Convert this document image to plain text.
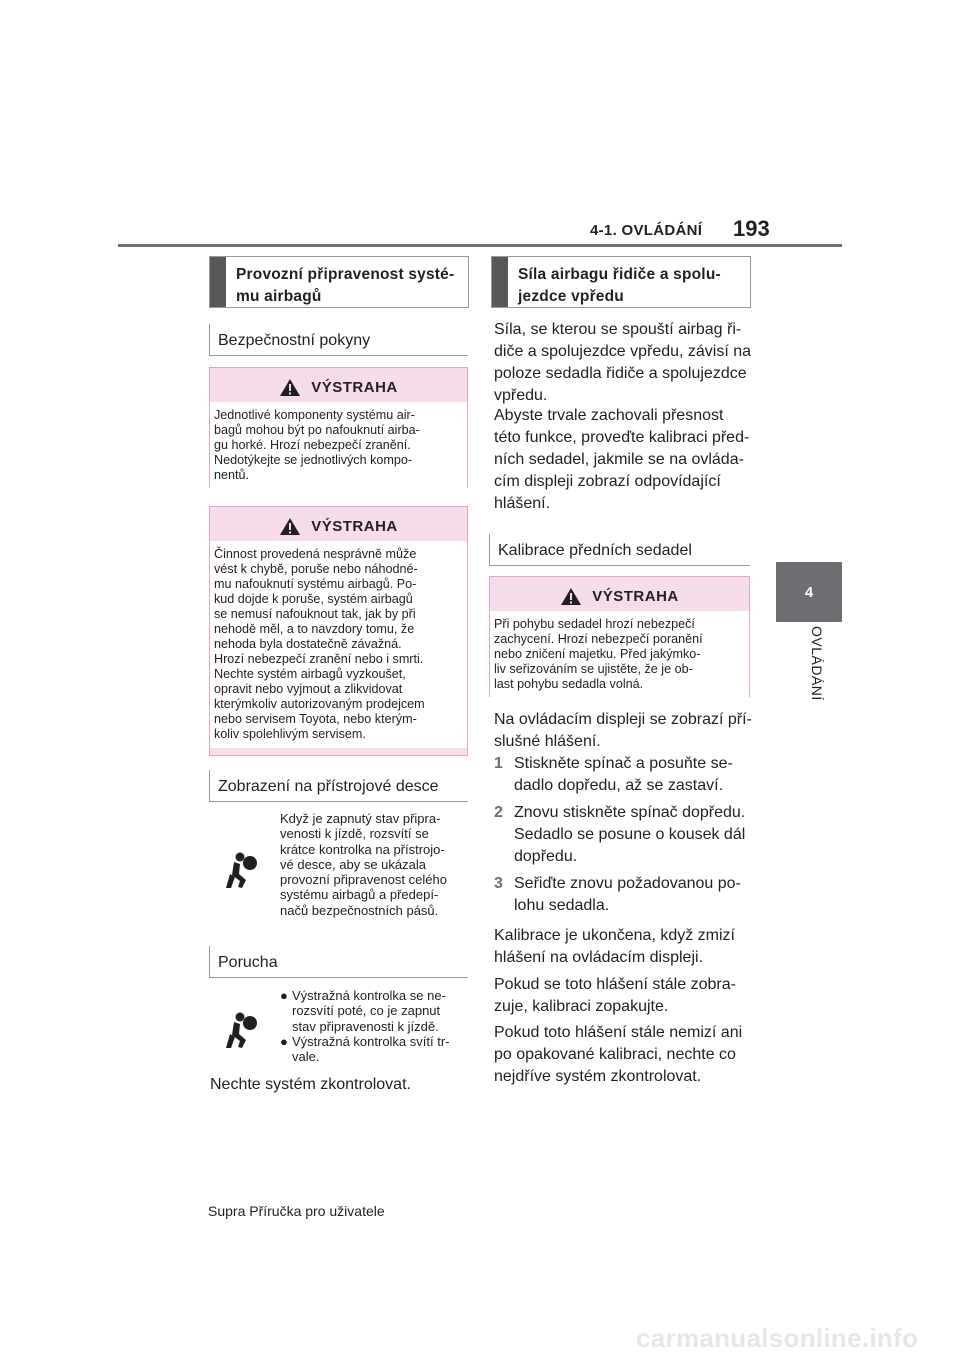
4-1. OVLÁDÁNÍ 193
4
OVLÁDÁNÍ
Provozní připravenost systé-
mu airbagů
Bezpečnostní pokyny
VÝSTRAHA
Jednotlivé komponenty systému air-
bagů mohou být po nafouknutí airba-
gu horké. Hrozí nebezpečí zranění.
Nedotýkejte se jednotlivých kompo-
nentů.
VÝSTRAHA
Činnost provedená nesprávně může
vést k chybě, poruše nebo náhodné-
mu nafouknutí systému airbagů. Po-
kud dojde k poruše, systém airbagů
se nemusí nafouknout tak, jak by při
nehodě měl, a to navzdory tomu, že
nehoda byla dostatečně závažná.
Hrozí nebezpečí zranění nebo i smrti.
Nechte systém airbagů vyzkoušet,
opravit nebo vyjmout a zlikvidovat
kterýmkoliv autorizovaným prodejcem
nebo servisem Toyota, nebo kterým-
koliv spolehlivým servisem.
Zobrazení na přístrojové desce
Když je zapnutý stav připra-
venosti k jízdě, rozsvítí se
krátce kontrolka na přístrojo-
vé desce, aby se ukázala
provozní připravenost celého
systému airbagů a předepí-
načů bezpečnostních pásů.
Porucha
● Výstražná kontrolka se ne-
rozsvítí poté, co je zapnut
stav připravenosti k jízdě.
● Výstražná kontrolka svítí tr-
vale.
Nechte systém zkontrolovat.
Síla airbagu řidiče a spolu-
jezdce vpředu
Síla, se kterou se spouští airbag ři-
diče a spolujezdce vpředu, závisí na
poloze sedadla řidiče a spolujezdce
vpředu.
Abyste trvale zachovali přesnost
této funkce, proveďte kalibraci před-
ních sedadel, jakmile se na ovláda-
cím displeji zobrazí odpovídající
hlášení.
Kalibrace předních sedadel
VÝSTRAHA
Při pohybu sedadel hrozí nebezpečí
zachycení. Hrozí nebezpečí poranění
nebo zničení majetku. Před jakýmko-
liv seřizováním se ujistěte, že je ob-
last pohybu sedadla volná.
Na ovládacím displeji se zobrazí pří-
slušné hlášení.
1 Stiskněte spínač a posuňte se-
dadlo dopředu, až se zastaví.
2 Znovu stiskněte spínač dopředu.
Sedadlo se posune o kousek dál
dopředu.
3 Seřiďte znovu požadovanou po-
lohu sedadla.
Kalibrace je ukončena, když zmizí
hlášení na ovládacím displeji.
Pokud se toto hlášení stále zobra-
zuje, kalibraci zopakujte.
Pokud toto hlášení stále nemizí ani
po opakované kalibraci, nechte co
nejdříve systém zkontrolovat.
Supra Příručka pro uživatele
carmanualsonline.info
